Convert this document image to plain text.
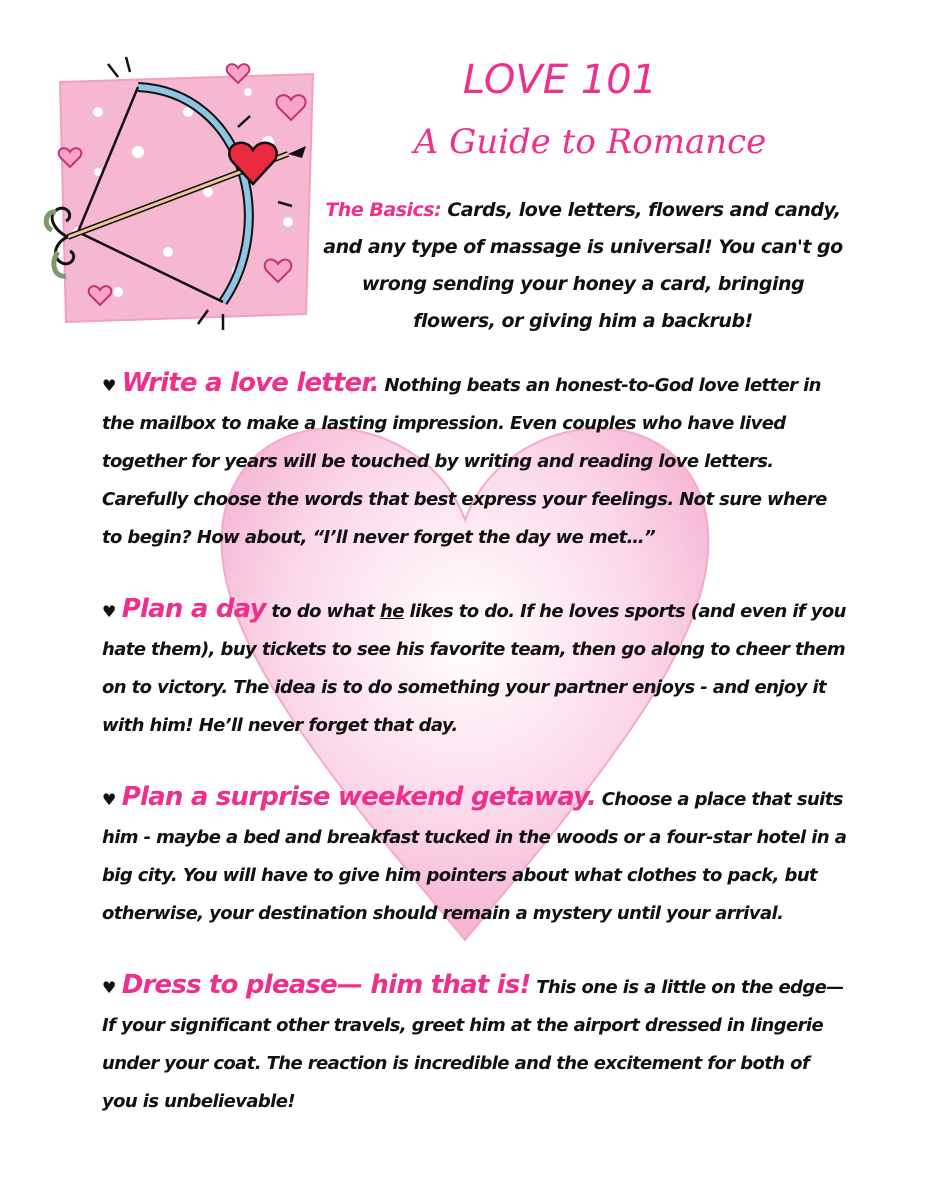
LOVE 101
A Guide to Romance
The Basics: Cards, love letters, flowers and candy, and any type of massage is universal! You can't go wrong sending your honey a card, bringing flowers, or giving him a backrub!
♥ Write a love letter. Nothing beats an honest-to-God love letter in the mailbox to make a lasting impression. Even couples who have lived together for years will be touched by writing and reading love letters. Carefully choose the words that best express your feelings. Not sure where to begin? How about, “I’ll never forget the day we met…”
♥ Plan a day to do what he likes to do. If he loves sports (and even if you hate them), buy tickets to see his favorite team, then go along to cheer them on to victory. The idea is to do something your partner enjoys - and enjoy it with him! He’ll never forget that day.
♥ Plan a surprise weekend getaway. Choose a place that suits him - maybe a bed and breakfast tucked in the woods or a four-star hotel in a big city. You will have to give him pointers about what clothes to pack, but otherwise, your destination should remain a mystery until your arrival.
♥ Dress to please— him that is! This one is a little on the edge— If your significant other travels, greet him at the airport dressed in lingerie under your coat. The reaction is incredible and the excitement for both of you is unbelievable!
